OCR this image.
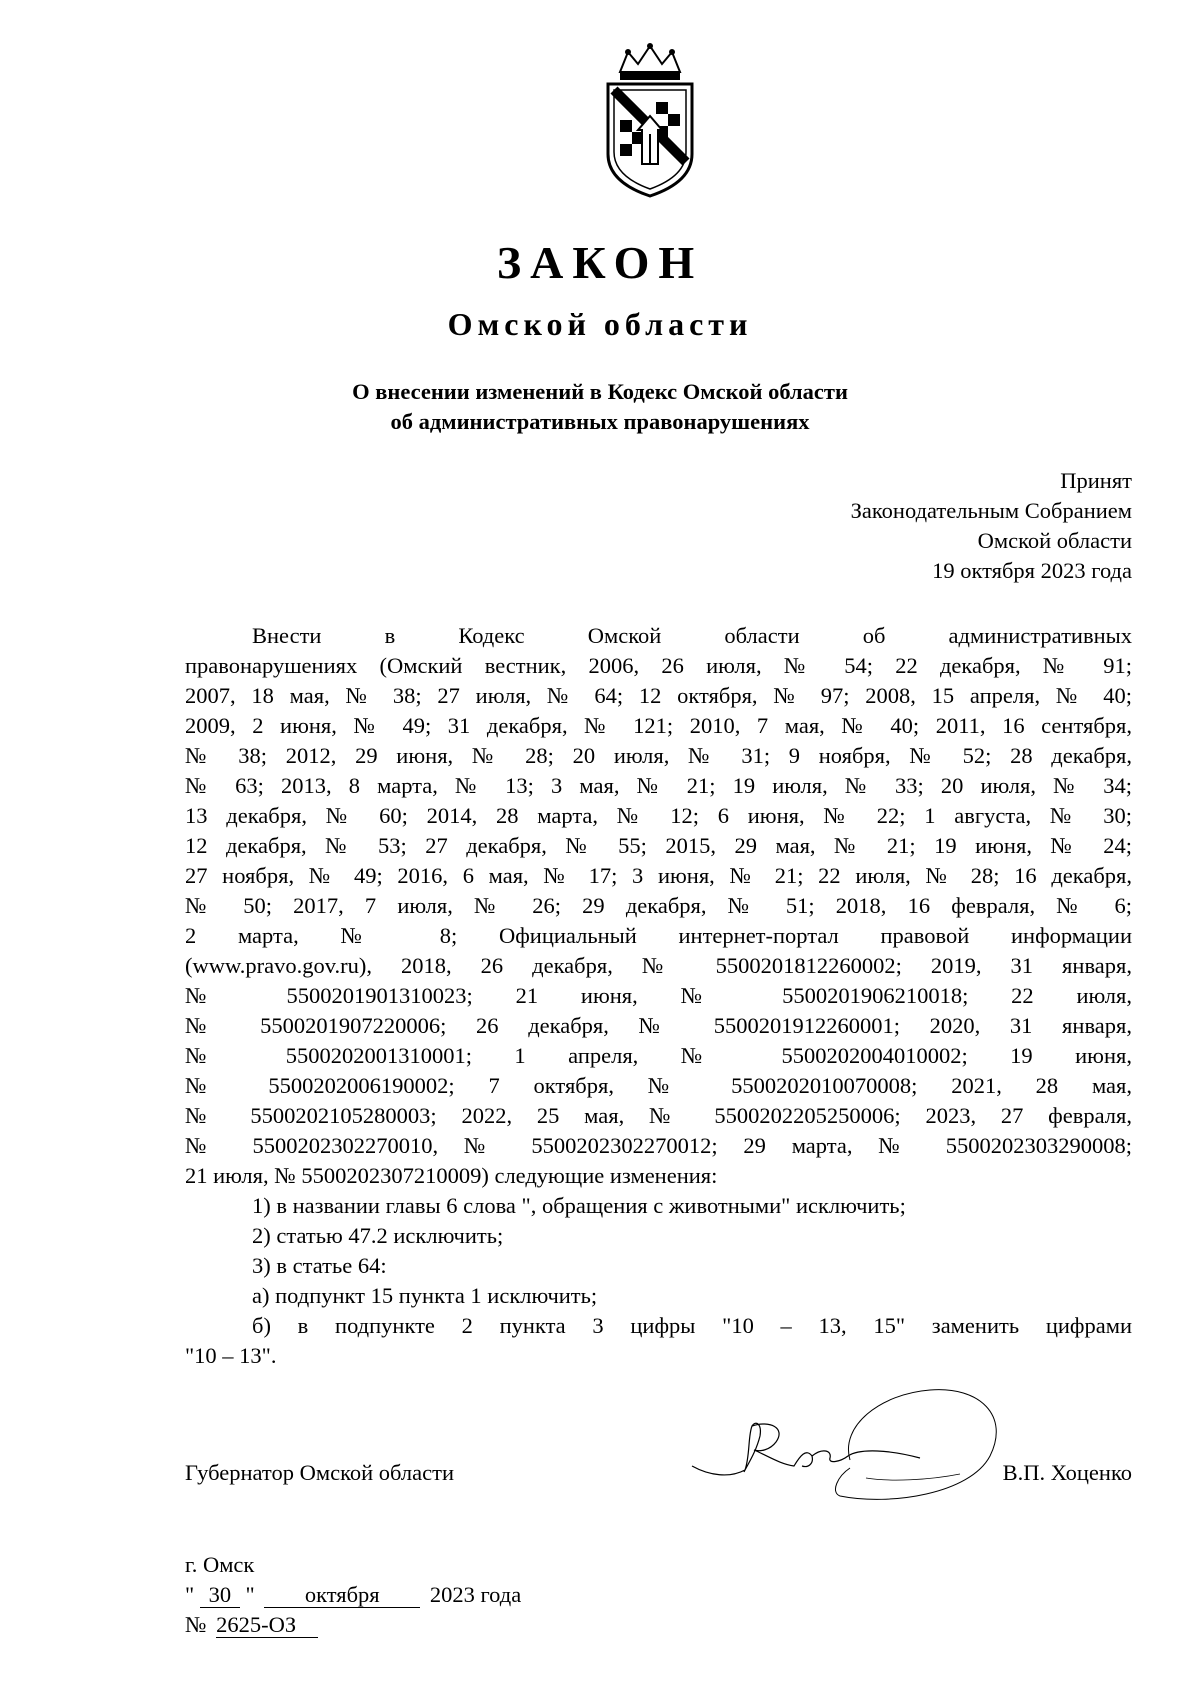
ЗАКОН
Омской области
О внесении изменений в Кодекс Омской области
об административных правонарушениях
Принят
Законодательным Собранием
Омской области
19 октября 2023 года
Внести в Кодекс Омской области об административных
правонарушениях (Омский вестник, 2006, 26 июля, № 54; 22 декабря, № 91;
2007, 18 мая, № 38; 27 июля, № 64; 12 октября, № 97; 2008, 15 апреля, № 40;
2009, 2 июня, № 49; 31 декабря, № 121; 2010, 7 мая, № 40; 2011, 16 сентября,
№ 38; 2012, 29 июня, № 28; 20 июля, № 31; 9 ноября, № 52; 28 декабря,
№ 63; 2013, 8 марта, № 13; 3 мая, № 21; 19 июля, № 33; 20 июля, № 34;
13 декабря, № 60; 2014, 28 марта, № 12; 6 июня, № 22; 1 августа, № 30;
12 декабря, № 53; 27 декабря, № 55; 2015, 29 мая, № 21; 19 июня, № 24;
27 ноября, № 49; 2016, 6 мая, № 17; 3 июня, № 21; 22 июля, № 28; 16 декабря,
№ 50; 2017, 7 июля, № 26; 29 декабря, № 51; 2018, 16 февраля, № 6;
2 марта, № 8; Официальный интернет-портал правовой информации
(www.pravo.gov.ru), 2018, 26 декабря, № 5500201812260002; 2019, 31 января,
№ 5500201901310023; 21 июня, № 5500201906210018; 22 июля,
№ 5500201907220006; 26 декабря, № 5500201912260001; 2020, 31 января,
№ 5500202001310001; 1 апреля, № 5500202004010002; 19 июня,
№ 5500202006190002; 7 октября, № 5500202010070008; 2021, 28 мая,
№ 5500202105280003; 2022, 25 мая, № 5500202205250006; 2023, 27 февраля,
№ 5500202302270010, № 5500202302270012; 29 марта, № 5500202303290008;
21 июля, № 5500202307210009) следующие изменения:
1) в названии главы 6 слова ", обращения с животными" исключить;
2) статью 47.2 исключить;
3) в статье 64:
а) подпункт 15 пункта 1 исключить;
б) в подпункте 2 пункта 3 цифры "10 – 13, 15" заменить цифрами
"10 – 13".
Губернатор Омской области	В.П. Хоценко
г. Омск
" 30 " октября 2023 года
№ 2625-ОЗ
